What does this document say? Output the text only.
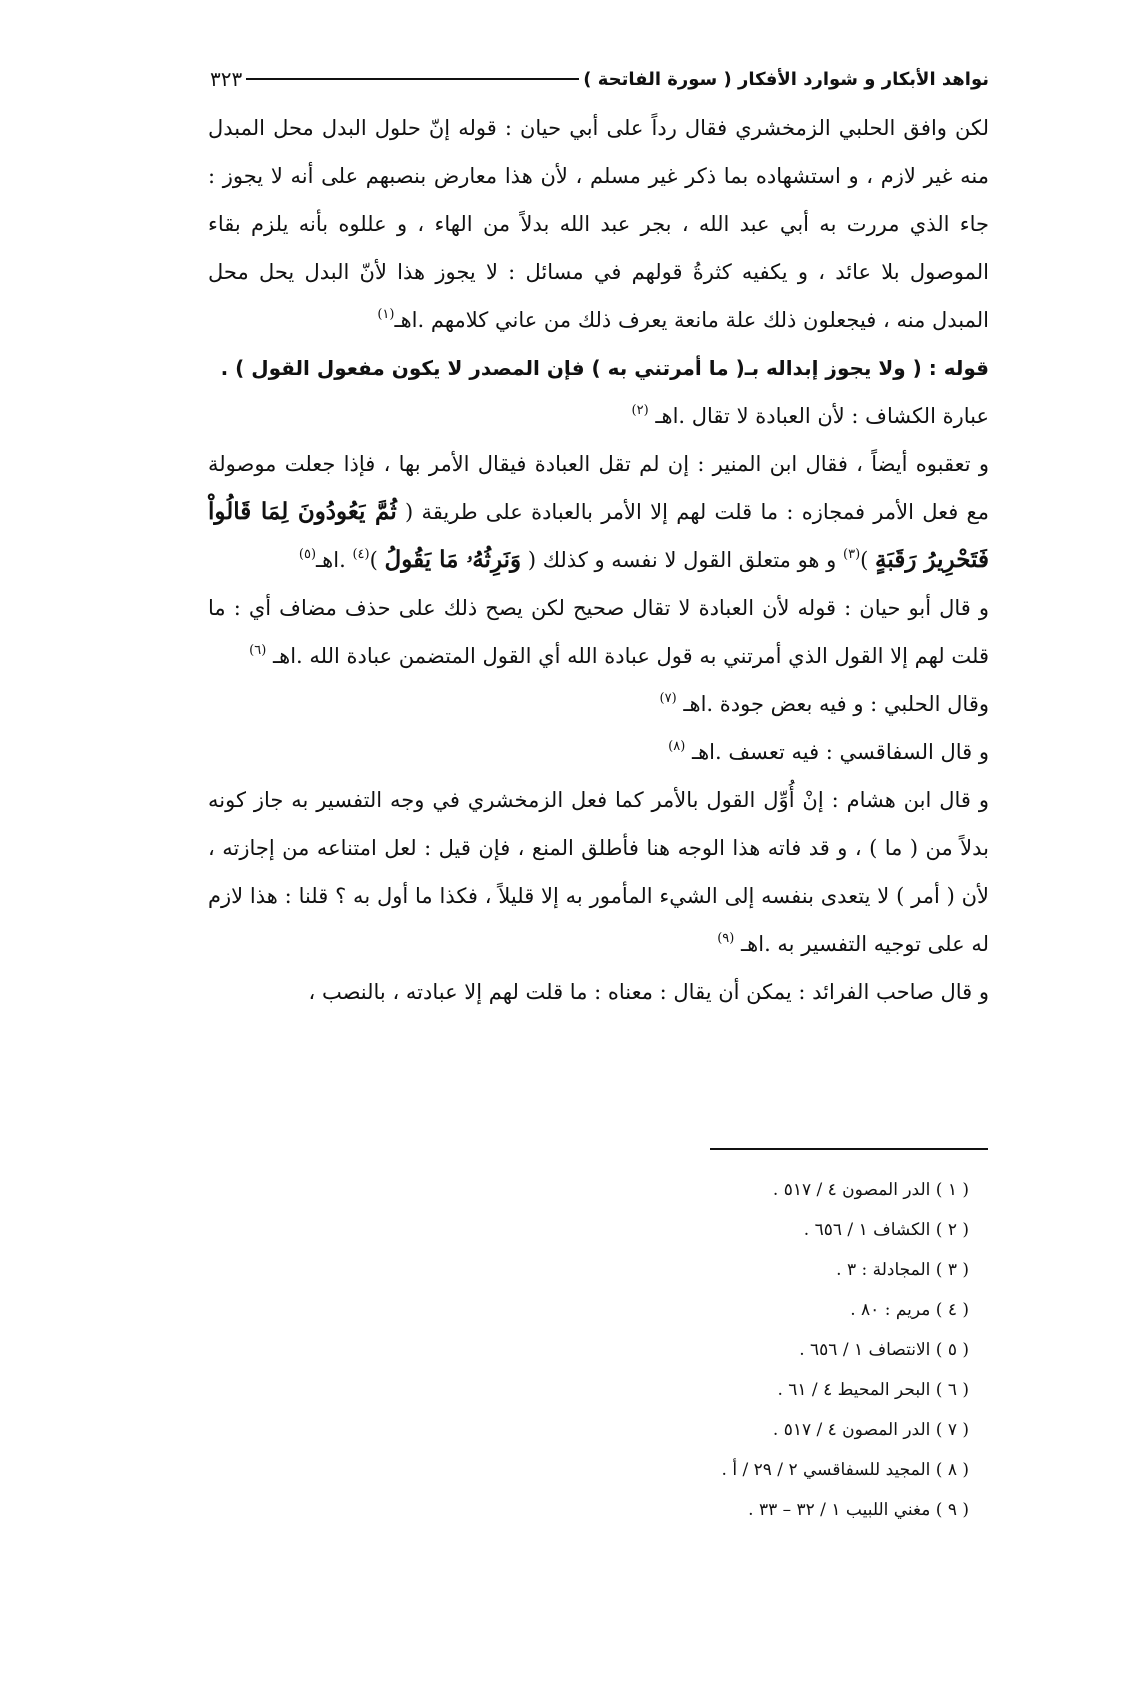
نواهد الأبكار و شوارد الأفكار ( سورة الفاتحة )
٣٢٣

لكن وافق الحلبي الزمخشري فقال رداً على أبي حيان : قوله إنّ حلول البدل محل المبدل منه غير لازم ، و استشهاده بما ذكر غير مسلم ، لأن هذا معارض بنصبهم على أنه لا يجوز : جاء الذي مررت به أبي عبد الله ، بجر عبد الله بدلاً من الهاء ، و عللوه بأنه يلزم بقاء الموصول بلا عائد ، و يكفيه كثرةُ قولهم في مسائل : لا يجوز هذا لأنّ البدل يحل محل المبدل منه ، فيجعلون ذلك علة مانعة يعرف ذلك من عاني كلامهم .اهـ$^{(١)}$

قوله : ( ولا يجوز إبداله بـ( ما أمرتني به ) فإن المصدر لا يكون مفعول القول ) .

عبارة الكشاف : لأن العبادة لا تقال .اهـ $^{(٢)}$

و تعقبوه أيضاً ، فقال ابن المنير : إن لم تقل العبادة فيقال الأمر بها ، فإذا جعلت موصولة مع فعل الأمر فمجازه : ما قلت لهم إلا الأمر بالعبادة على طريقة ( ثُمَّ يَعُودُونَ لِمَا قَالُواْ فَتَحْرِيرُ رَقَبَةٍ )$^{(٣)}$ و هو متعلق القول لا نفسه و كذلك ( وَنَرِثُهُۥ مَا يَقُولُ )$^{(٤)}$ .اهـ$^{(٥)}$

و قال أبو حيان : قوله لأن العبادة لا تقال صحيح لكن يصح ذلك على حذف مضاف أي : ما قلت لهم إلا القول الذي أمرتني به قول عبادة الله أي القول المتضمن عبادة الله .اهـ $^{(٦)}$

وقال الحلبي : و فيه بعض جودة .اهـ $^{(٧)}$

و قال السفاقسي : فيه تعسف .اهـ $^{(٨)}$

و قال ابن هشام : إنْ أُوِّل القول بالأمر كما فعل الزمخشري في وجه التفسير به جاز كونه بدلاً من ( ما ) ، و قد فاته هذا الوجه هنا فأطلق المنع ، فإن قيل : لعل امتناعه من إجازته ، لأن ( أمر ) لا يتعدى بنفسه إلى الشيء المأمور به إلا قليلاً ، فكذا ما أول به ؟ قلنا : هذا لازم له على توجيه التفسير به .اهـ $^{(٩)}$

و قال صاحب الفرائد : يمكن أن يقال : معناه : ما قلت لهم إلا عبادته ، بالنصب ،

( ١ ) الدر المصون ٤ / ٥١٧ .
( ٢ ) الكشاف ١ / ٦٥٦ .
( ٣ ) المجادلة : ٣ .
( ٤ ) مريم : ٨٠ .
( ٥ ) الانتصاف ١ / ٦٥٦ .
( ٦ ) البحر المحيط ٤ / ٦١ .
( ٧ ) الدر المصون ٤ / ٥١٧ .
( ٨ ) المجيد للسفاقسي ٢ / ٢٩ / أ .
( ٩ ) مغني اللبيب ١ / ٣٢ – ٣٣ .
